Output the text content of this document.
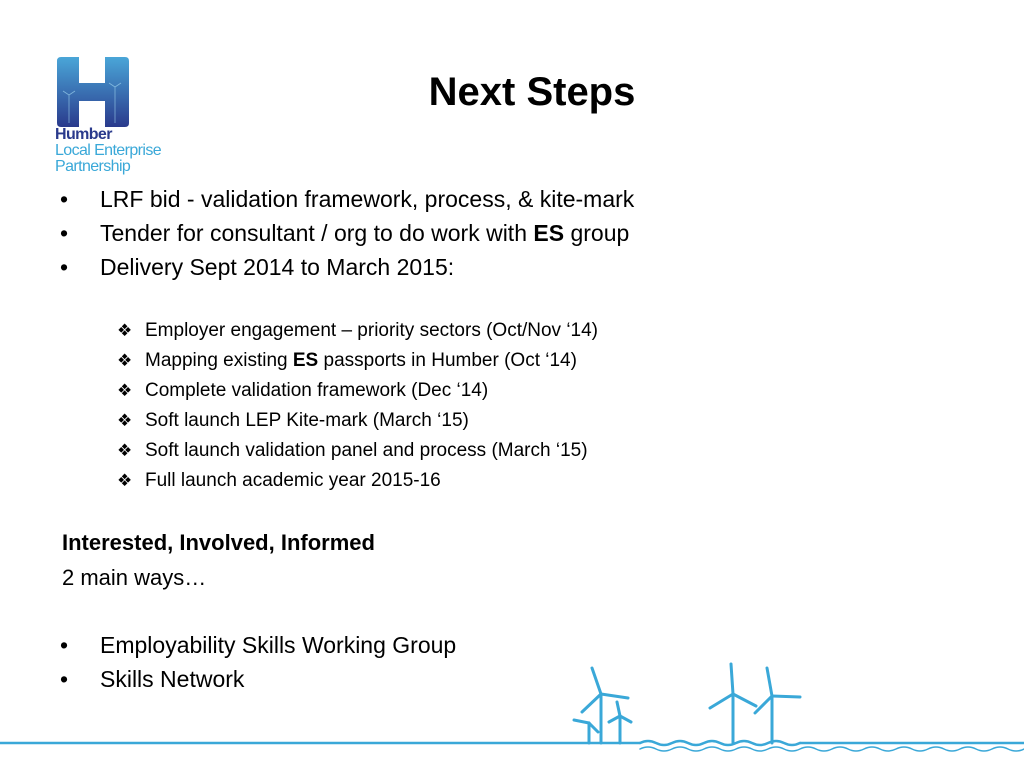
Humber
Local Enterprise
Partnership
Next Steps
• LRF bid - validation framework, process, & kite-mark
• Tender for consultant / org to do work with ES group
• Delivery Sept 2014 to March 2015:
❖ Employer engagement – priority sectors (Oct/Nov ‘14)
❖ Mapping existing ES passports in Humber (Oct ‘14)
❖ Complete validation framework (Dec ‘14)
❖ Soft launch LEP Kite-mark (March ‘15)
❖ Soft launch validation panel and process (March ‘15)
❖ Full launch academic year 2015-16
Interested, Involved, Informed
2 main ways…
• Employability Skills Working Group
• Skills Network
